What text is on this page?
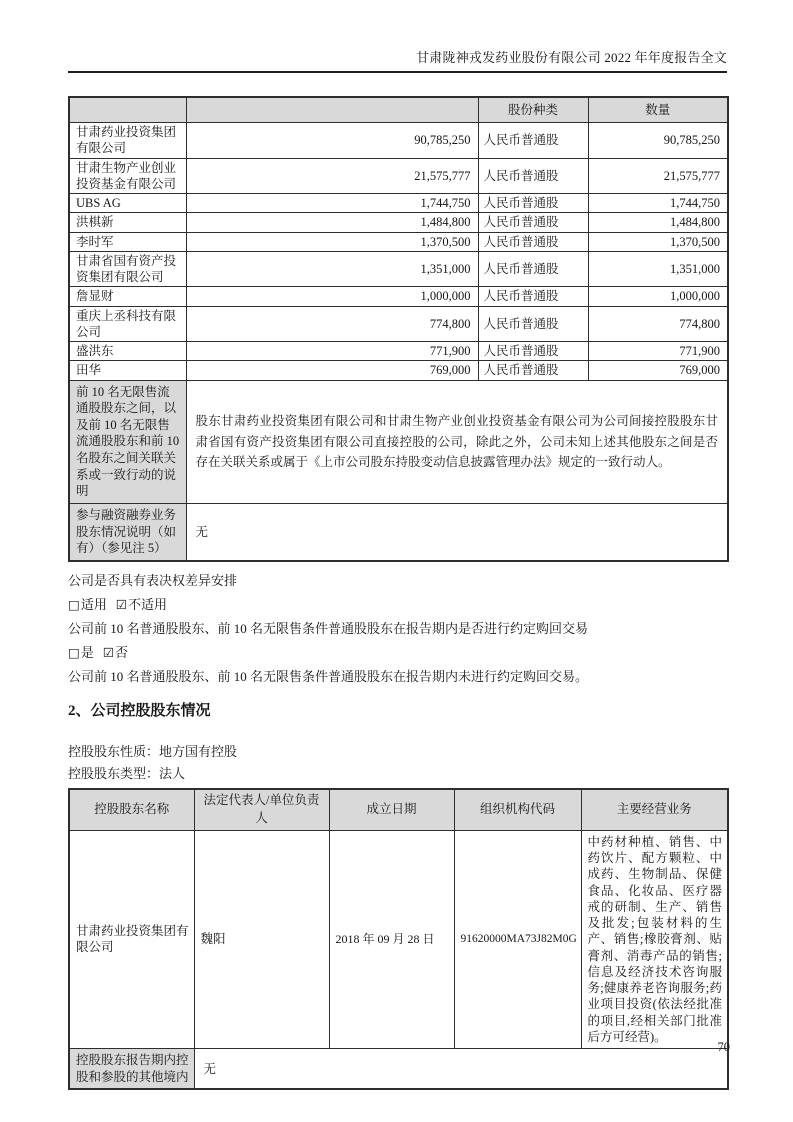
甘肃陇神戎发药业股份有限公司 2022 年年度报告全文
		股份种类	数量
甘肃药业投资集团有限公司	90,785,250	人民币普通股	90,785,250
甘肃生物产业创业投资基金有限公司	21,575,777	人民币普通股	21,575,777
UBS AG	1,744,750	人民币普通股	1,744,750
洪棋新	1,484,800	人民币普通股	1,484,800
李时军	1,370,500	人民币普通股	1,370,500
甘肃省国有资产投资集团有限公司	1,351,000	人民币普通股	1,351,000
詹显财	1,000,000	人民币普通股	1,000,000
重庆上丞科技有限公司	774,800	人民币普通股	774,800
盛洪东	771,900	人民币普通股	771,900
田华	769,000	人民币普通股	769,000
前 10 名无限售流通股股东之间，以及前 10 名无限售流通股股东和前 10 名股东之间关联关系或一致行动的说明	股东甘肃药业投资集团有限公司和甘肃生物产业创业投资基金有限公司为公司间接控股股东甘肃省国有资产投资集团有限公司直接控股的公司，除此之外，公司未知上述其他股东之间是否存在关联关系或属于《上市公司股东持股变动信息披露管理办法》规定的一致行动人。		
参与融资融券业务股东情况说明（如有）（参见注 5）	无		

公司是否具有表决权差异安排

□适用 ☑不适用

公司前 10 名普通股股东、前 10 名无限售条件普通股股东在报告期内是否进行约定购回交易

□是 ☑否

公司前 10 名普通股股东、前 10 名无限售条件普通股股东在报告期内未进行约定购回交易。

2、公司控股股东情况

控股股东性质：地方国有控股

控股股东类型：法人

控股股东名称	法定代表人/单位负责人	成立日期	组织机构代码	主要经营业务
甘肃药业投资集团有限公司	魏阳	2018 年 09 月 28 日	91620000MA73J82M0G	中药材种植、销售、中药饮片、配方颗粒、中成药、生物制品、保健食品、化妆品、医疗器戒的研制、生产、销售及批发;包装材料的生产、销售;橡胶膏剂、贴膏剂、消毒产品的销售;信息及经济技术咨询服务;健康养老咨询服务;药业项目投资(依法经批准的项目,经相关部门批准后方可经营)。
控股股东报告期内控股和参股的其他境内	无			
70
